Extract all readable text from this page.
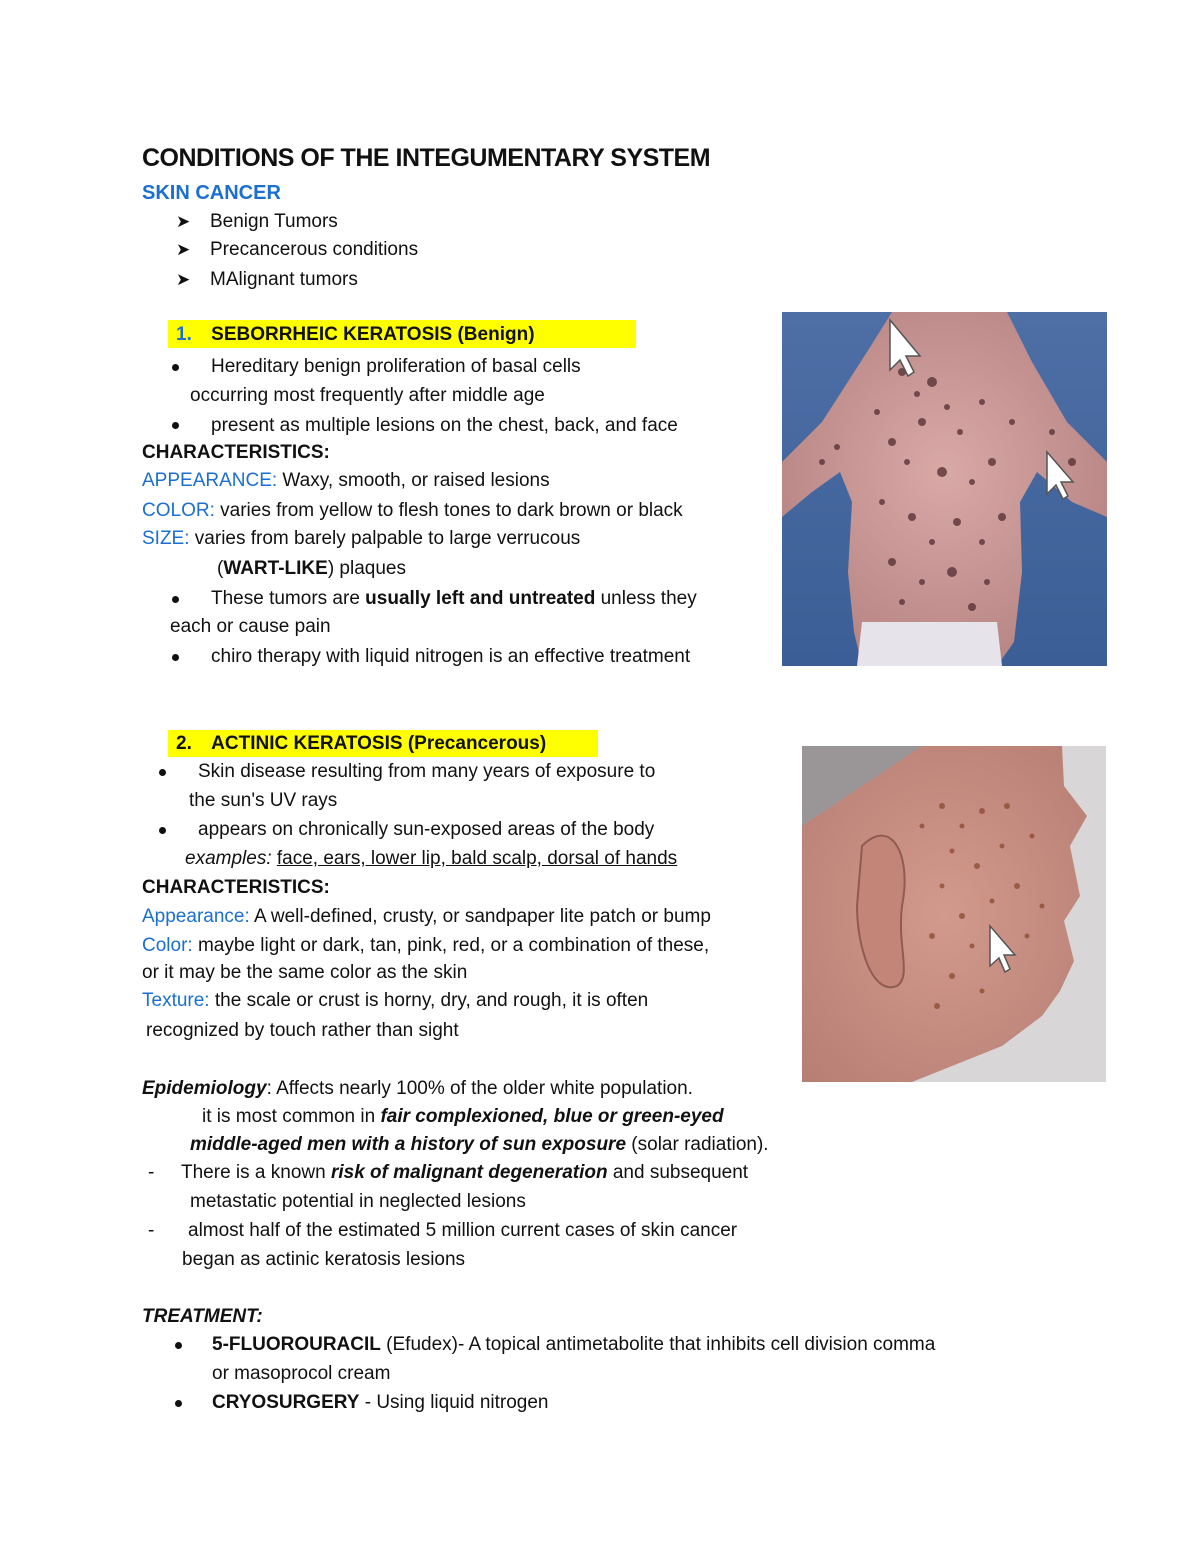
CONDITIONS OF THE INTEGUMENTARY SYSTEM
SKIN CANCER
➤ Benign Tumors
➤ Precancerous conditions
➤ MAlignant tumors
1. SEBORRHEIC KERATOSIS (Benign)
Hereditary benign proliferation of basal cells
occurring most frequently after middle age
present as multiple lesions on the chest, back, and face
CHARACTERISTICS:
APPEARANCE: Waxy, smooth, or raised lesions
COLOR: varies from yellow to flesh tones to dark brown or black
SIZE: varies from barely palpable to large verrucous
(WART-LIKE) plaques
These tumors are usually left and untreated unless they
each or cause pain
chiro therapy with liquid nitrogen is an effective treatment
2. ACTINIC KERATOSIS (Precancerous)
Skin disease resulting from many years of exposure to
the sun's UV rays
appears on chronically sun-exposed areas of the body
examples: face, ears, lower lip, bald scalp, dorsal of hands
CHARACTERISTICS:
Appearance: A well-defined, crusty, or sandpaper lite patch or bump
Color: maybe light or dark, tan, pink, red, or a combination of these,
or it may be the same color as the skin
Texture: the scale or crust is horny, dry, and rough, it is often
recognized by touch rather than sight
Epidemiology: Affects nearly 100% of the older white population.
it is most common in fair complexioned, blue or green-eyed
middle-aged men with a history of sun exposure (solar radiation).
- There is a known risk of malignant degeneration and subsequent
metastatic potential in neglected lesions
- almost half of the estimated 5 million current cases of skin cancer
began as actinic keratosis lesions
TREATMENT:
5-FLUOROURACIL (Efudex)- A topical antimetabolite that inhibits cell division comma
or masoprocol cream
CRYOSURGERY - Using liquid nitrogen
